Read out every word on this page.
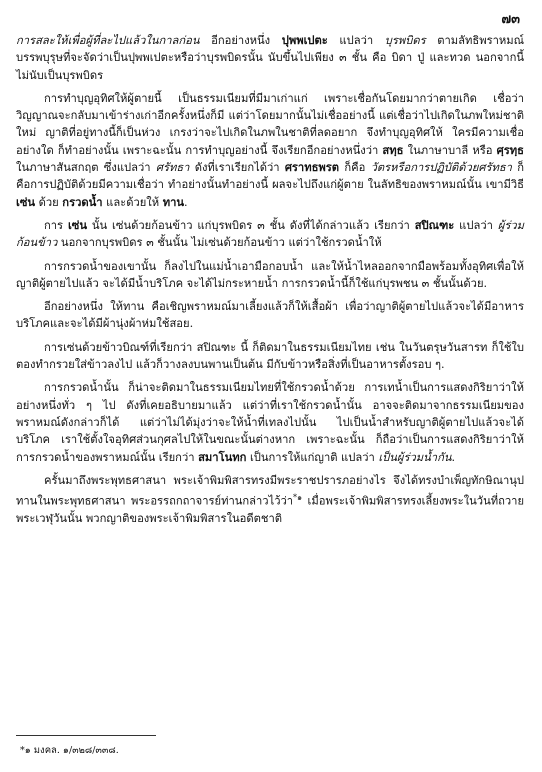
๗๓

การสละให้เพื่อผู้ที่ละไปแล้วในกาลก่อน อีกอย่างหนึ่ง ปุพพเปตะ แปลว่า บุรพบิดร ตามลัทธิพราหมณ์ บรรพบุรุษที่จะจัดว่าเป็นปุพพเปตะหรือว่าบุรพบิดรนั้น นับขึ้นไปเพียง ๓ ชั้น คือ บิดา ปู่ และทวด นอกจากนี้ไม่นับเป็นบุรพบิดร

การทำบุญอุทิศให้ผู้ตายนี้ เป็นธรรมเนียมที่มีมาเก่าแก่ เพราะเชื่อกันโดยมากว่าตายเกิด เชื่อว่าวิญญาณจะกลับมาเข้าร่างเก่าอีกครั้งหนึ่งก็มี แต่ว่าโดยมากนั้นไม่เชื่ออย่างนี้ แต่เชื่อว่าไปเกิดในภพใหม่ชาติใหม่ ญาติที่อยู่ทางนี้ก็เป็นห่วง เกรงว่าจะไปเกิดในภพในชาติที่ลดอยาก จึงทำบุญอุทิศให้ ใครมีความเชื่ออย่างใด ก็ทำอย่างนั้น เพราะฉะนั้น การทำบุญอย่างนี้ จึงเรียกอีกอย่างหนึ่งว่า สทฺธ ในภาษาบาลี หรือ ศฺรทฺธ ในภาษาสันสกฤต ซึ่งแปลว่า ศรัทธา ดังที่เราเรียกได้ว่า ศราทธพรต ก็คือ วัตรหรือการปฏิบัติด้วยศรัทธา ก็คือการปฏิบัติด้วยมีความเชื่อว่า ทำอย่างนั้นทำอย่างนี้ ผลจะไปถึงแก่ผู้ตาย ในลัทธิของพราหมณ์นั้น เขามีวิธี เซ่น ด้วย กรวดน้ำ และด้วยให้ ทาน.

การ เซ่น นั้น เซ่นด้วยก้อนข้าว แก่บุรพบิดร ๓ ชั้น ดังที่ได้กล่าวแล้ว เรียกว่า สปิณฑะ แปลว่า ผู้ร่วมก้อนข้าว นอกจากบุรพบิดร ๓ ชั้นนั้น ไม่เซ่นด้วยก้อนข้าว แต่ว่าใช้กรวดน้ำให้

การกรวดน้ำของเขานั้น ก็ลงไปในแม่น้ำเอามือกอบน้ำ และให้น้ำไหลออกจากมือพร้อมทั้งอุทิศเพื่อให้ญาติผู้ตายไปแล้ว จะได้มีน้ำบริโภค จะได้ไม่กระหายน้ำ การกรวดน้ำนี้ก็ใช้แก่บุรพชน ๓ ชั้นนั้นด้วย.

อีกอย่างหนึ่ง ให้ทาน คือเชิญพราหมณ์มาเลี้ยงแล้วก็ให้เสื้อผ้า เพื่อว่าญาติผู้ตายไปแล้วจะได้มีอาหารบริโภคและจะได้มีผ้านุ่งผ้าห่มใช้สอย.

การเซ่นด้วยข้าวบิณฑ์ที่เรียกว่า สปิณฑะ นี้ ก็ติดมาในธรรมเนียมไทย เช่น ในวันตรุษวันสารท ก็ใช้ใบตองทำกรวยใส่ข้าวลงไป แล้วก็วางลงบนพานเป็นต้น มีกับข้าวหรือสิ่งที่เป็นอาหารตั้งรอบ ๆ.

การกรวดน้ำนั้น ก็น่าจะติดมาในธรรมเนียมไทยที่ใช้กรวดน้ำด้วย การเทน้ำเป็นการแสดงกิริยาว่าให้อย่างหนึ่งทั่ว ๆ ไป ดังที่เคยอธิบายมาแล้ว แต่ว่าที่เราใช้กรวดน้ำนั้น อาจจะติดมาจากธรรมเนียมของพราหมณ์ดังกล่าวก็ได้ แต่ว่าไม่ได้มุ่งว่าจะให้น้ำที่เทลงไปนั้น ไปเป็นน้ำสำหรับญาติผู้ตายไปแล้วจะได้บริโภค เราใช้ตั้งใจอุทิศส่วนกุศลไปให้ในขณะนั้นต่างหาก เพราะฉะนั้น ก็ถือว่าเป็นการแสดงกิริยาว่าให้ การกรวดน้ำของพราหมณ์นั้น เรียกว่า สมาโนทก เป็นการให้แก่ญาติ แปลว่า เป็นผู้ร่วมน้ำกัน.

ครั้นมาถึงพระพุทธศาสนา พระเจ้าพิมพิสารทรงมีพระราชปรารภอย่างไร จึงได้ทรงบำเพ็ญทักษิณานุปทานในพระพุทธศาสนา พระอรรถกถาจารย์ท่านกล่าวไว้ว่า$^{*๑}$ เมื่อพระเจ้าพิมพิสารทรงเลี้ยงพระในวันที่ถวายพระเวฬุวันนั้น พวกญาติของพระเจ้าพิมพิสารในอดีตชาติ

*๑ มงคล. ๑/๓๒๘/๓๓๘.
